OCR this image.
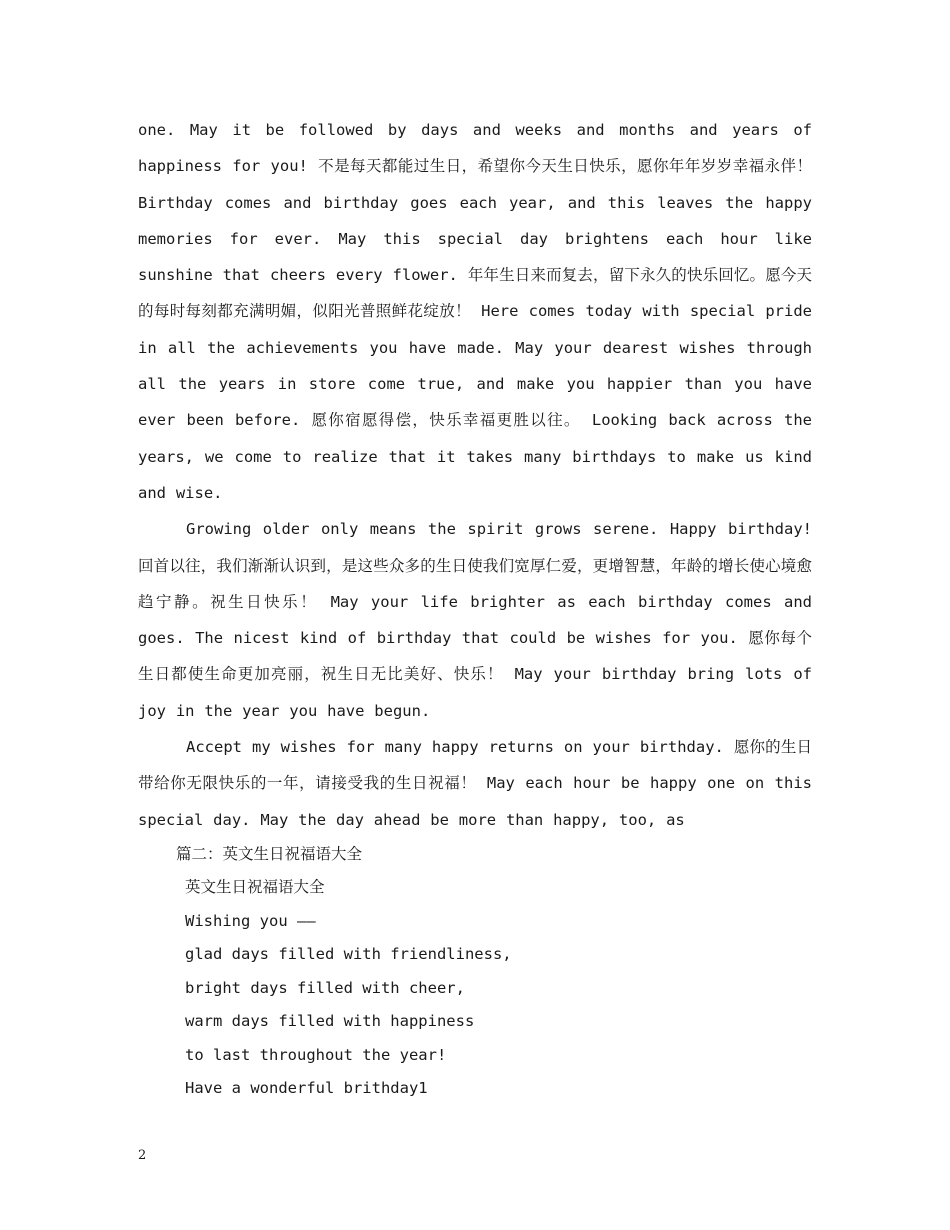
one. May it be followed by days and weeks and months and years of happiness for you! 不是每天都能过生日，希望你今天生日快乐，愿你年年岁岁幸福永伴！ Birthday comes and birthday goes each year, and this leaves the happy memories for ever. May this special day brightens each hour like sunshine that cheers every flower. 年年生日来而复去，留下永久的快乐回忆。愿今天的每时每刻都充满明媚，似阳光普照鲜花绽放！ Here comes today with special pride in all the achievements you have made. May your dearest wishes through all the years in store come true, and make you happier than you have ever been before. 愿你宿愿得偿，快乐幸福更胜以往。 Looking back across the years, we come to realize that it takes many birthdays to make us kind and wise.

Growing older only means the spirit grows serene. Happy birthday! 回首以往，我们渐渐认识到，是这些众多的生日使我们宽厚仁爱，更增智慧，年龄的增长使心境愈趋宁静。祝生日快乐！ May your life brighter as each birthday comes and goes. The nicest kind of birthday that could be wishes for you. 愿你每个生日都使生命更加亮丽，祝生日无比美好、快乐！ May your birthday bring lots of joy in the year you have begun.

Accept my wishes for many happy returns on your birthday. 愿你的生日带给你无限快乐的一年，请接受我的生日祝福！ May each hour be happy one on this special day. May the day ahead be more than happy, too, as

篇二：英文生日祝福语大全
英文生日祝福语大全
Wishing you ——
glad days filled with friendliness,
bright days filled with cheer,
warm days filled with happiness
to last throughout the year!
Have a wonderful brithday1
2
